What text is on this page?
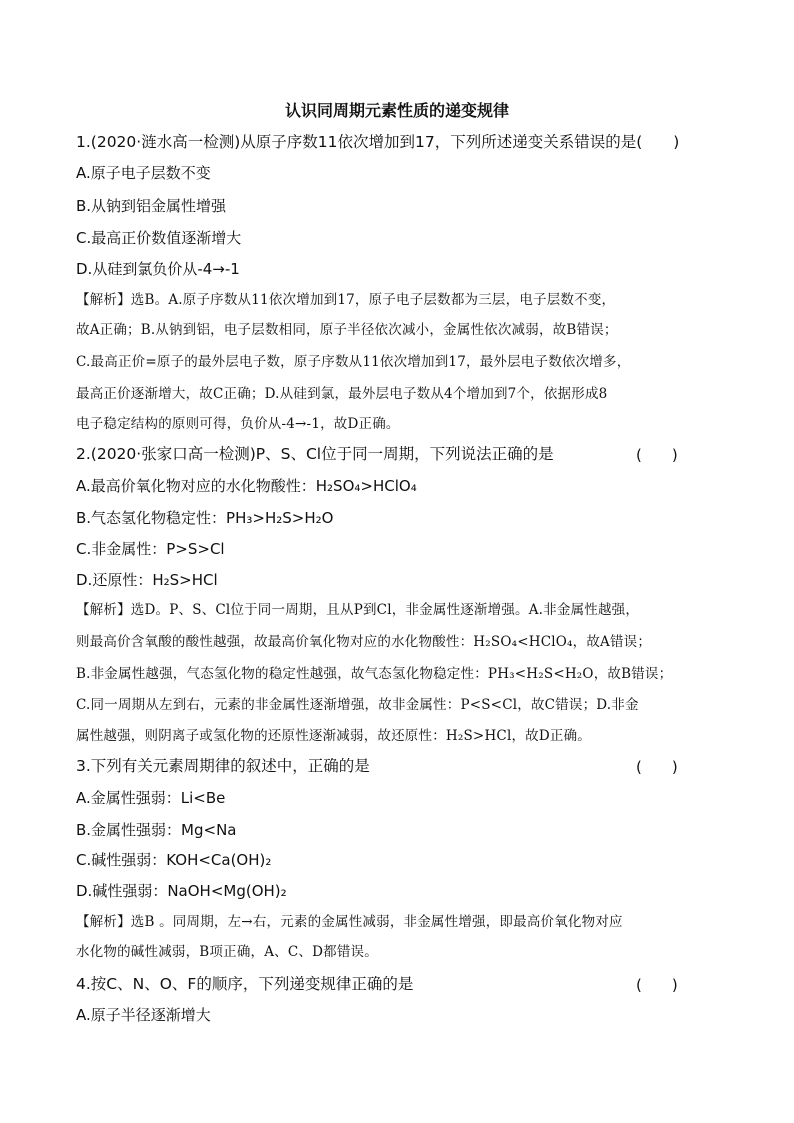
认识同周期元素性质的递变规律
1.(2020·涟水高一检测)从原子序数11依次增加到17，下列所述递变关系错误的是(　　)
A.原子电子层数不变
B.从钠到铝金属性增强
C.最高正价数值逐渐增大
D.从硅到氯负价从-4→-1
【解析】选B。A.原子序数从11依次增加到17，原子电子层数都为三层，电子层数不变，
故A正确；B.从钠到铝，电子层数相同，原子半径依次减小，金属性依次减弱，故B错误；
C.最高正价=原子的最外层电子数，原子序数从11依次增加到17，最外层电子数依次增多，
最高正价逐渐增大，故C正确；D.从硅到氯，最外层电子数从4个增加到7个，依据形成8
电子稳定结构的原则可得，负价从-4→-1，故D正确。
2.(2020·张家口高一检测)P、S、Cl位于同一周期，下列说法正确的是	(　　)
A.最高价氧化物对应的水化物酸性：H₂SO₄>HClO₄
B.气态氢化物稳定性：PH₃>H₂S>H₂O
C.非金属性：P>S>Cl
D.还原性：H₂S>HCl
【解析】选D。P、S、Cl位于同一周期，且从P到Cl，非金属性逐渐增强。A.非金属性越强，
则最高价含氧酸的酸性越强，故最高价氧化物对应的水化物酸性：H₂SO₄<HClO₄，故A错误；
B.非金属性越强，气态氢化物的稳定性越强，故气态氢化物稳定性：PH₃<H₂S<H₂O，故B错误；
C.同一周期从左到右，元素的非金属性逐渐增强，故非金属性：P<S<Cl，故C错误；D.非金
属性越强，则阴离子或氢化物的还原性逐渐减弱，故还原性：H₂S>HCl，故D正确。
3.下列有关元素周期律的叙述中，正确的是	(　　)
A.金属性强弱：Li<Be
B.金属性强弱：Mg<Na
C.碱性强弱：KOH<Ca(OH)₂
D.碱性强弱：NaOH<Mg(OH)₂
【解析】选B 。同周期，左→右，元素的金属性减弱，非金属性增强，即最高价氧化物对应
水化物的碱性减弱，B项正确，A、C、D都错误。
4.按C、N、O、F的顺序，下列递变规律正确的是	(　　)
A.原子半径逐渐增大
